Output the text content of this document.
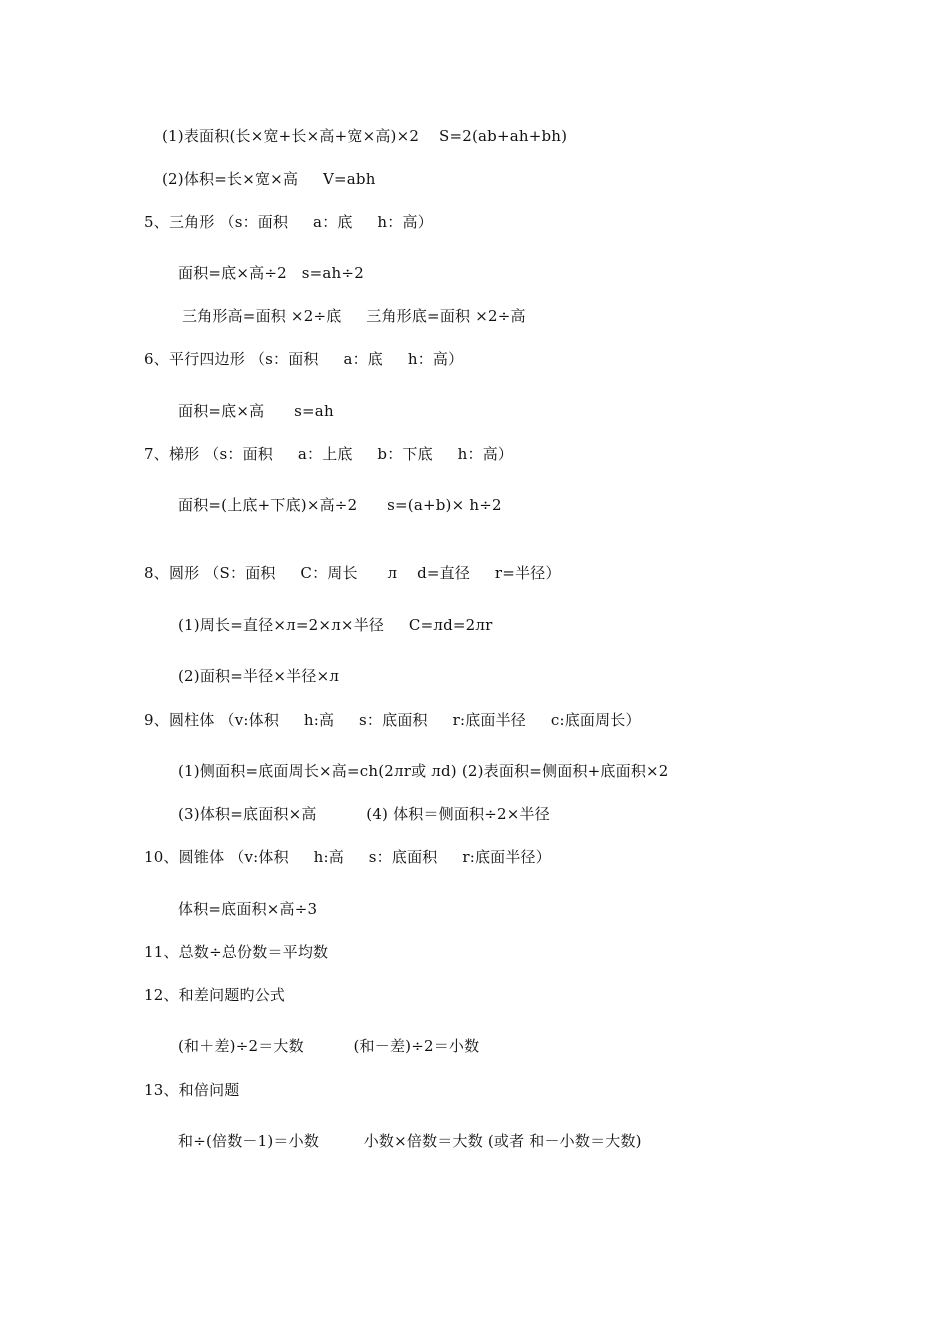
(1)表面积(长×宽+长×高+宽×高)×2    S=2(ab+ah+bh)
(2)体积=长×宽×高     V=abh
5、三角形 （s：面积     a：底     h：高）
面积=底×高÷2   s=ah÷2
三角形高=面积 ×2÷底     三角形底=面积 ×2÷高
6、平行四边形 （s：面积     a：底     h：高）
面积=底×高      s=ah
7、梯形 （s：面积     a：上底     b：下底     h：高）
面积=(上底+下底)×高÷2      s=(a+b)× h÷2
8、圆形 （S：面积     C：周长      л    d=直径     r=半径）
(1)周长=直径×л=2×л×半径     C=лd=2лr
(2)面积=半径×半径×л
9、圆柱体 （v:体积     h:高     s：底面积     r:底面半径     c:底面周长）
(1)侧面积=底面周长×高=ch(2лr或 лd) (2)表面积=侧面积+底面积×2
(3)体积=底面积×高          (4) 体积＝侧面积÷2×半径
10、圆锥体 （v:体积     h:高     s：底面积     r:底面半径）
体积=底面积×高÷3
11、总数÷总份数＝平均数
12、和差问题旳公式
(和＋差)÷2＝大数          (和－差)÷2＝小数
13、和倍问题
和÷(倍数－1)＝小数         小数×倍数＝大数 (或者 和－小数＝大数)
